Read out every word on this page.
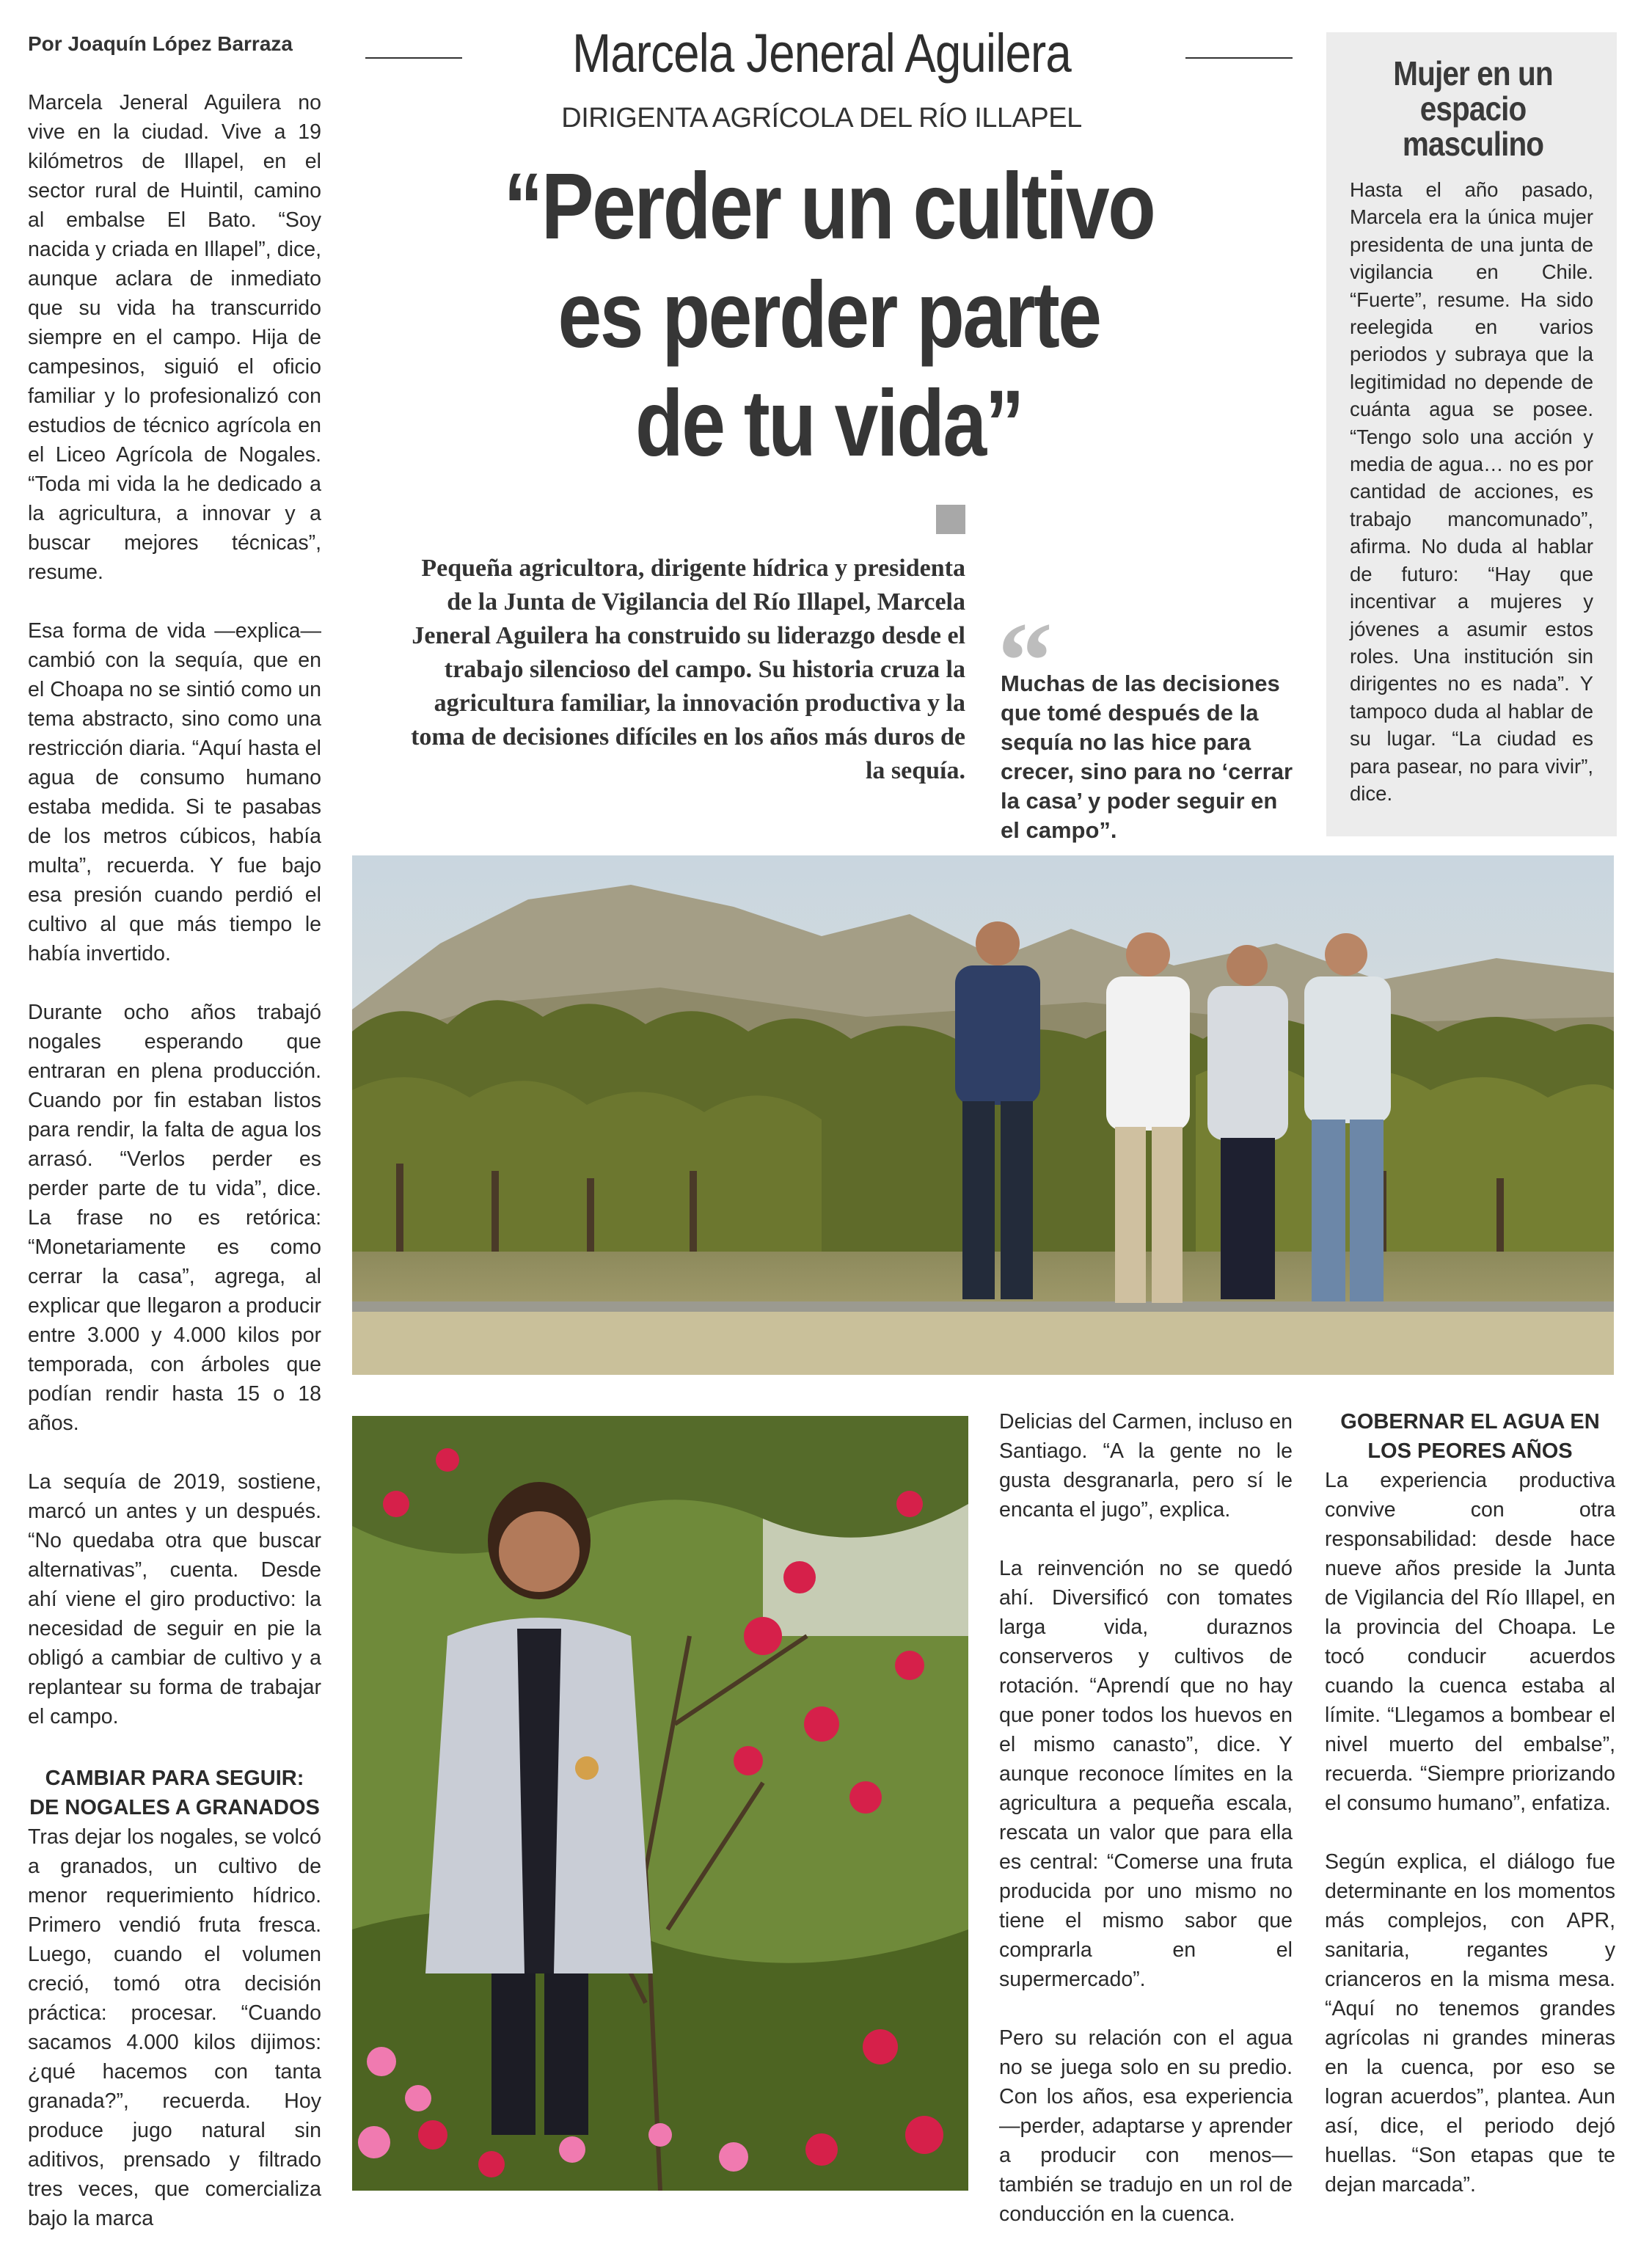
Por Joaquín López Barraza	Marcela Jeneral Aguilera
DIRIGENTA AGRÍCOLA DEL RÍO ILLAPEL
“Perder un cultivo
es perder parte
de tu vida”
Pequeña agricultora, dirigente hídrica y presidenta de la Junta de Vigilancia del Río Illapel, Marcela Jeneral Aguilera ha construido su liderazgo desde el trabajo silencioso del campo. Su historia cruza la agricultura familiar, la innovación productiva y la toma de decisiones difíciles en los años más duros de la sequía.
“
Muchas de las decisiones que tomé después de la sequía no las hice para crecer, sino para no ‘cerrar la casa’ y poder seguir en el campo”.
Mujer en un espacio masculino
Hasta el año pasado, Marcela era la única mujer presidenta de una junta de vigilancia en Chile. “Fuerte”, resume. Ha sido reelegida en varios periodos y subraya que la legitimidad no depende de cuánta agua se posee. “Tengo solo una acción y media de agua… no es por cantidad de acciones, es trabajo mancomunado”, afirma. No duda al hablar de futuro: “Hay que incentivar a mujeres y jóvenes a asumir estos roles. Una institución sin dirigentes no es nada”. Y tampoco duda al hablar de su lugar. “La ciudad es para pasear, no para vivir”, dice.

Marcela Jeneral Aguilera no vive en la ciudad. Vive a 19 kilómetros de Illapel, en el sector rural de Huintil, camino al embalse El Bato. “Soy nacida y criada en Illapel”, dice, aunque aclara de inmediato que su vida ha transcurrido siempre en el campo. Hija de campesinos, siguió el oficio familiar y lo profesionalizó con estudios de técnico agrícola en el Liceo Agrícola de Nogales. “Toda mi vida la he dedicado a la agricultura, a innovar y a buscar mejores técnicas”, resume.

Esa forma de vida —explica— cambió con la sequía, que en el Choapa no se sintió como un tema abstracto, sino como una restricción diaria. “Aquí hasta el agua de consumo humano estaba medida. Si te pasabas de los metros cúbicos, había multa”, recuerda. Y fue bajo esa presión cuando perdió el cultivo al que más tiempo le había invertido.

Durante ocho años trabajó nogales esperando que entraran en plena producción. Cuando por fin estaban listos para rendir, la falta de agua los arrasó. “Verlos perder es perder parte de tu vida”, dice. La frase no es retórica: “Monetariamente es como cerrar la casa”, agrega, al explicar que llegaron a producir entre 3.000 y 4.000 kilos por temporada, con árboles que podían rendir hasta 15 o 18 años.

La sequía de 2019, sostiene, marcó un antes y un después. “No quedaba otra que buscar alternativas”, cuenta. Desde ahí viene el giro productivo: la necesidad de seguir en pie la obligó a cambiar de cultivo y a replantear su forma de trabajar el campo.

CAMBIAR PARA SEGUIR: DE NOGALES A GRANADOS

Tras dejar los nogales, se volcó a granados, un cultivo de menor requerimiento hídrico. Primero vendió fruta fresca. Luego, cuando el volumen creció, tomó otra decisión práctica: procesar. “Cuando sacamos 4.000 kilos dijimos: ¿qué hacemos con tanta granada?”, recuerda. Hoy produce jugo natural sin aditivos, prensado y filtrado tres veces, que comercializa bajo la marca

Delicias del Carmen, incluso en Santiago. “A la gente no le gusta desgranarla, pero sí le encanta el jugo”, explica.

La reinvención no se quedó ahí. Diversificó con tomates larga vida, duraznos conserveros y cultivos de rotación. “Aprendí que no hay que poner todos los huevos en el mismo canasto”, dice. Y aunque reconoce límites en la agricultura a pequeña escala, rescata un valor que para ella es central: “Comerse una fruta producida por uno mismo no tiene el mismo sabor que comprarla en el supermercado”.

Pero su relación con el agua no se juega solo en su predio. Con los años, esa experiencia —perder, adaptarse y aprender a producir con menos— también se tradujo en un rol de conducción en la cuenca.

GOBERNAR EL AGUA EN LOS PEORES AÑOS

La experiencia productiva convive con otra responsabilidad: desde hace nueve años preside la Junta de Vigilancia del Río Illapel, en la provincia del Choapa. Le tocó conducir acuerdos cuando la cuenca estaba al límite. “Llegamos a bombear el nivel muerto del embalse”, recuerda. “Siempre priorizando el consumo humano”, enfatiza.

Según explica, el diálogo fue determinante en los momentos más complejos, con APR, sanitaria, regantes y crianceros en la misma mesa. “Aquí no tenemos grandes agrícolas ni grandes mineras en la cuenca, por eso se logran acuerdos”, plantea. Aun así, dice, el periodo dejó huellas. “Son etapas que te dejan marcada”.
